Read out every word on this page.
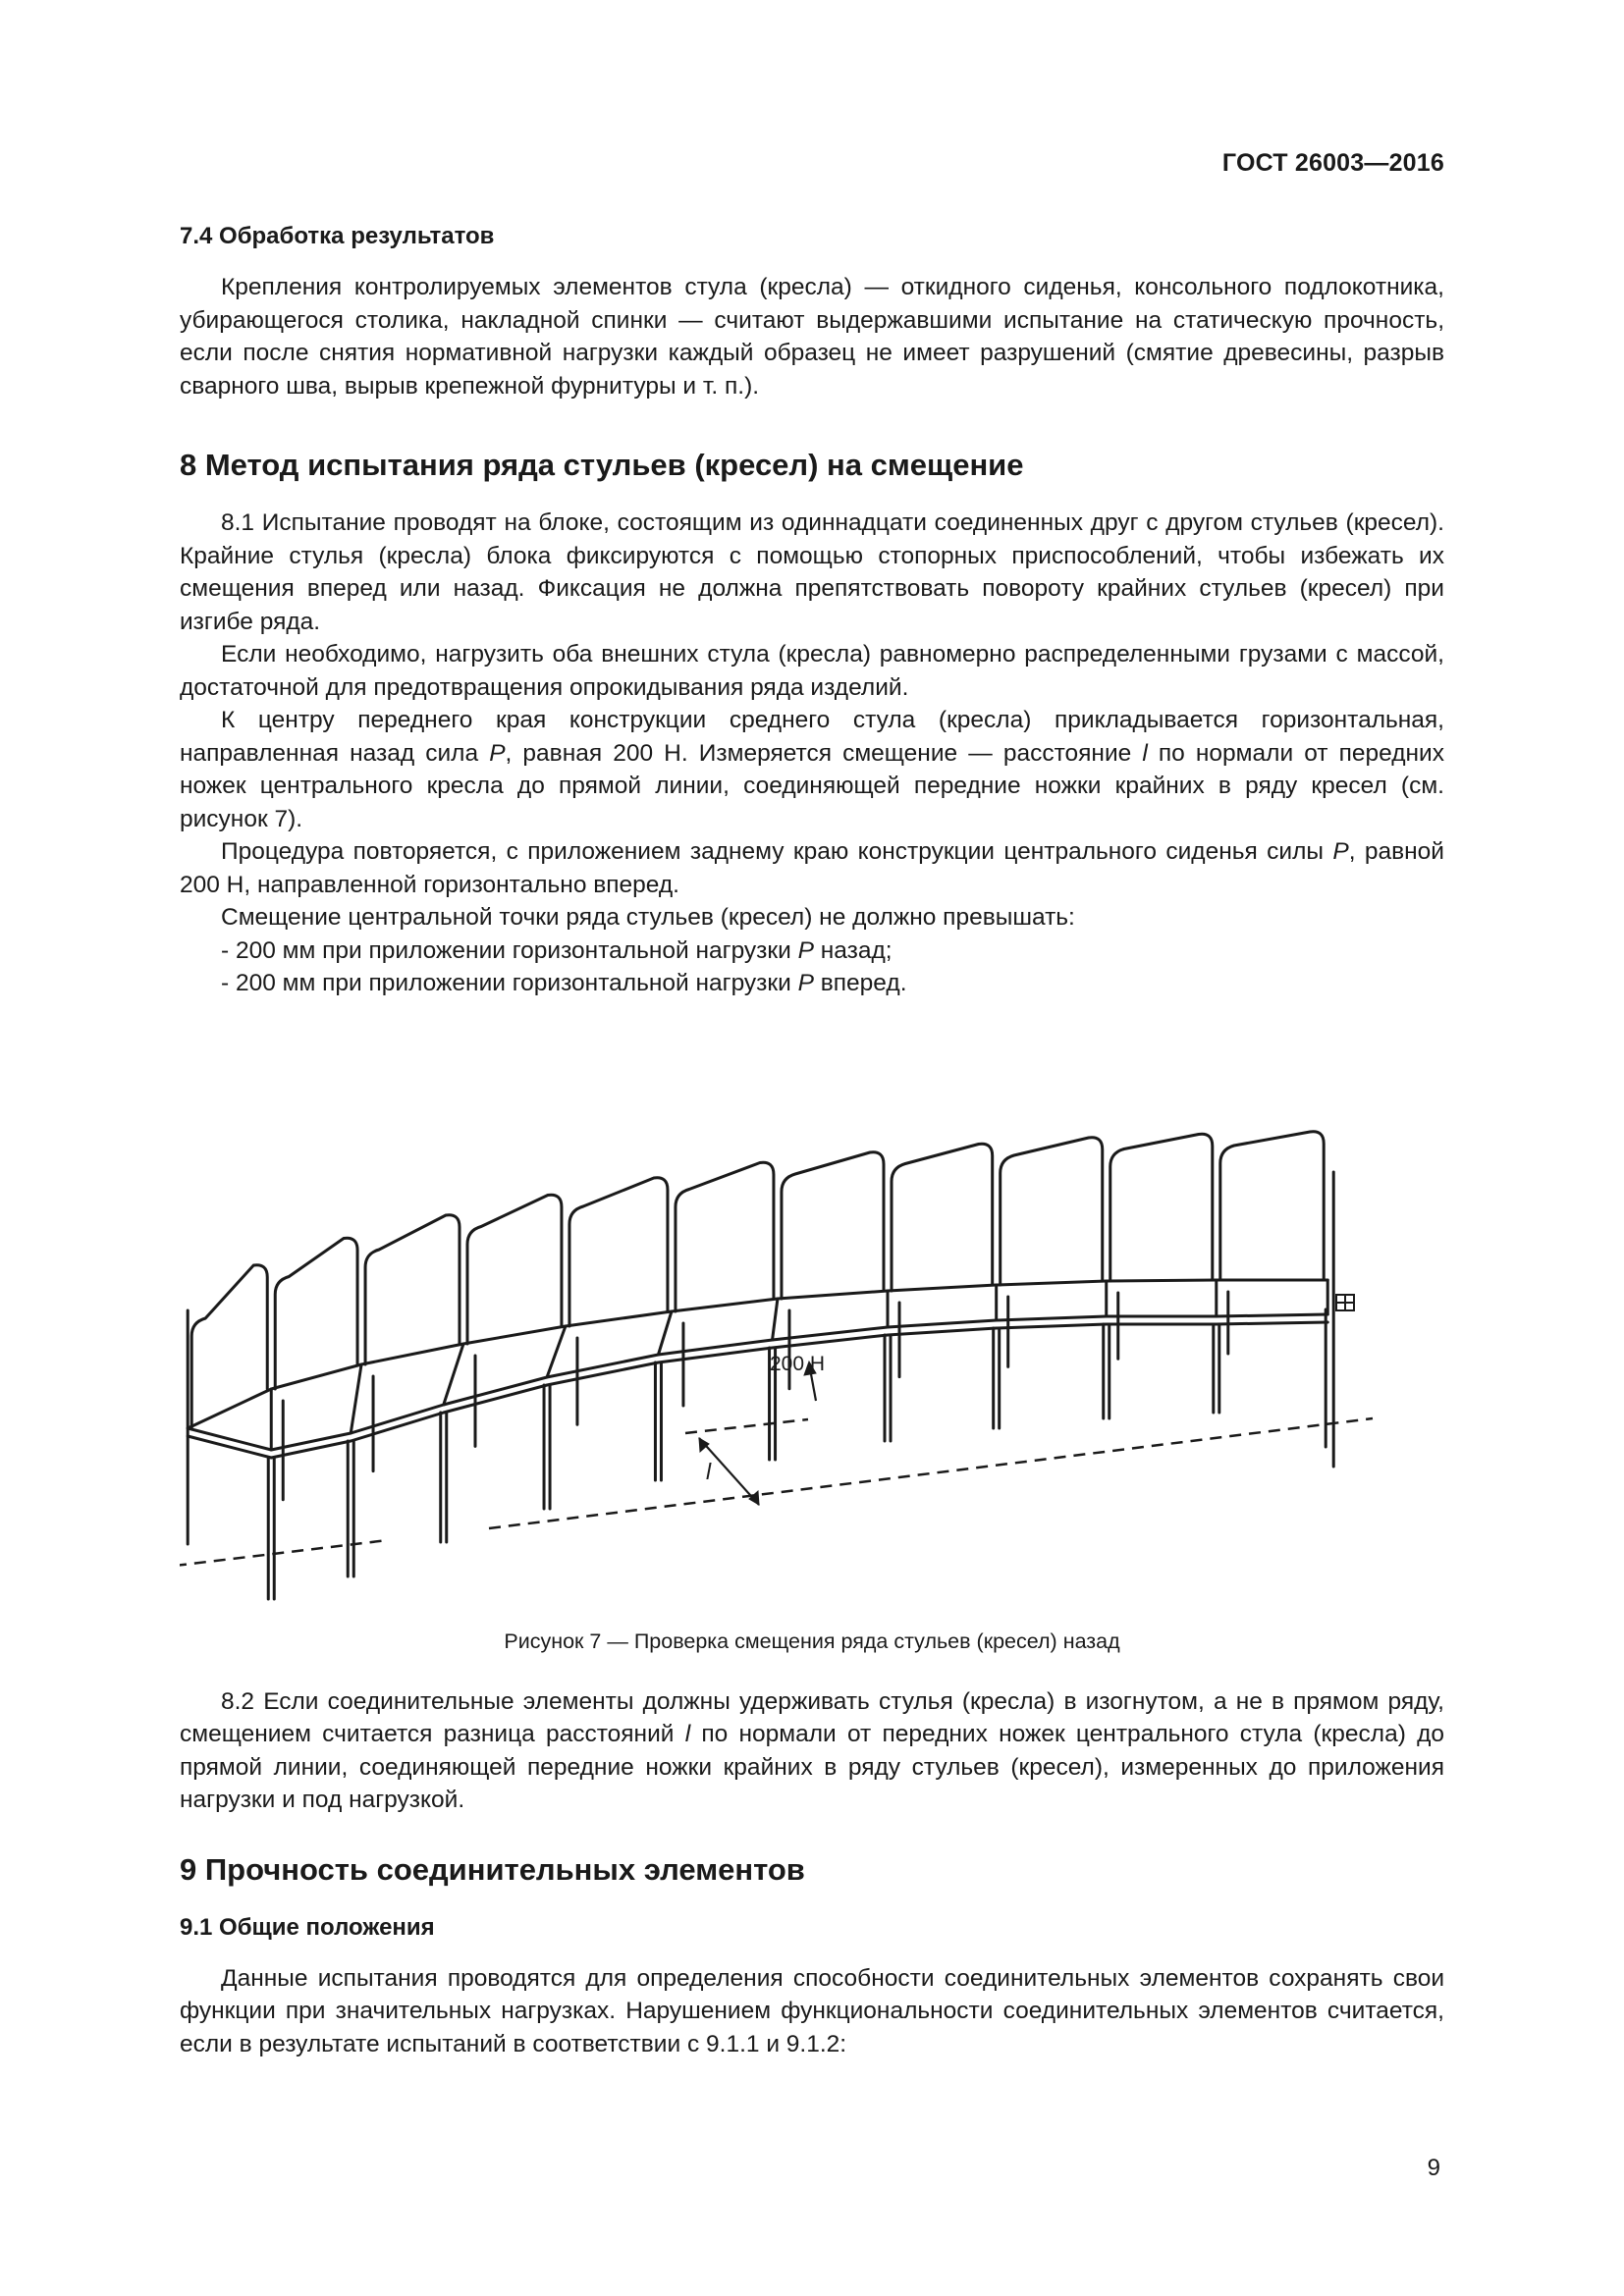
ГОСТ 26003—2016
7.4 Обработка результатов

Крепления контролируемых элементов стула (кресла) — откидного сиденья, консольного подлокотника, убирающегося столика, накладной спинки — считают выдержавшими испытание на статическую прочность, если после снятия нормативной нагрузки каждый образец не имеет разрушений (смятие древесины, разрыв сварного шва, вырыв крепежной фурнитуры и т. п.).

8 Метод испытания ряда стульев (кресел) на смещение

8.1 Испытание проводят на блоке, состоящим из одиннадцати соединенных друг с другом стульев (кресел). Крайние стулья (кресла) блока фиксируются с помощью стопорных приспособлений, чтобы избежать их смещения вперед или назад. Фиксация не должна препятствовать повороту крайних стульев (кресел) при изгибе ряда.

Если необходимо, нагрузить оба внешних стула (кресла) равномерно распределенными грузами с массой, достаточной для предотвращения опрокидывания ряда изделий.

К центру переднего края конструкции среднего стула (кресла) прикладывается горизонтальная, направленная назад сила P, равная 200 Н. Измеряется смещение — расстояние l по нормали от передних ножек центрального кресла до прямой линии, соединяющей передние ножки крайних в ряду кресел (см. рисунок 7).

Процедура повторяется, с приложением заднему краю конструкции центрального сиденья силы P, равной 200 Н, направленной горизонтально вперед.

Смещение центральной точки ряда стульев (кресел) не должно превышать:

- 200 мм при приложении горизонтальной нагрузки P назад;

- 200 мм при приложении горизонтальной нагрузки P вперед.

200 Н
l

Рисунок 7 — Проверка смещения ряда стульев (кресел) назад

8.2 Если соединительные элементы должны удерживать стулья (кресла) в изогнутом, а не в прямом ряду, смещением считается разница расстояний l по нормали от передних ножек центрального стула (кресла) до прямой линии, соединяющей передние ножки крайних в ряду стульев (кресел), измеренных до приложения нагрузки и под нагрузкой.

9 Прочность соединительных элементов
9.1 Общие положения

Данные испытания проводятся для определения способности соединительных элементов сохранять свои функции при значительных нагрузках. Нарушением функциональности соединительных элементов считается, если в результате испытаний в соответствии с 9.1.1 и 9.1.2:

9
